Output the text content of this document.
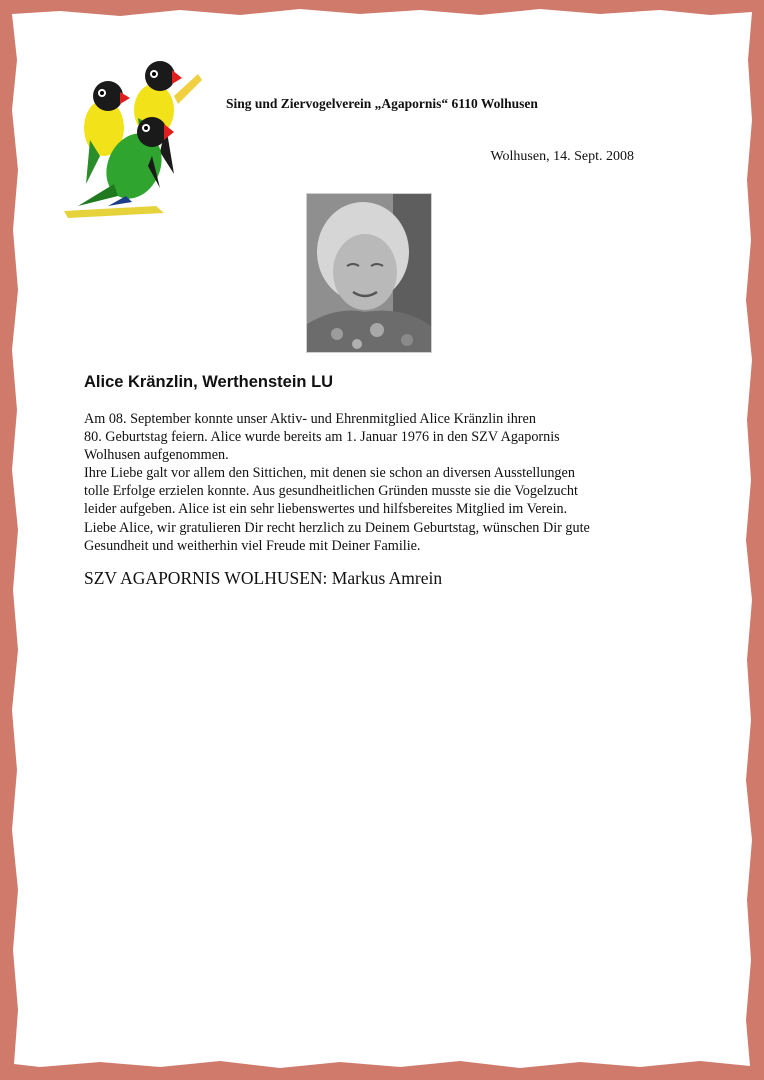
Sing und Ziervogelverein „Agapornis“ 6110 Wolhusen
Wolhusen, 14. Sept. 2008
Alice Kränzlin, Werthenstein LU
Am 08. September konnte unser Aktiv- und Ehrenmitglied Alice Kränzlin ihren
80. Geburtstag feiern. Alice wurde bereits am 1. Januar 1976 in den SZV Agapornis
Wolhusen aufgenommen.
Ihre Liebe galt vor allem den Sittichen, mit denen sie schon an diversen Ausstellungen
tolle Erfolge erzielen konnte. Aus gesundheitlichen Gründen musste sie die Vogelzucht
leider aufgeben. Alice ist ein sehr liebenswertes und hilfsbereites Mitglied im Verein.
Liebe Alice, wir gratulieren Dir recht herzlich zu Deinem Geburtstag, wünschen Dir gute
Gesundheit und weitherhin viel Freude mit Deiner Familie.
SZV AGAPORNIS WOLHUSEN: Markus Amrein
